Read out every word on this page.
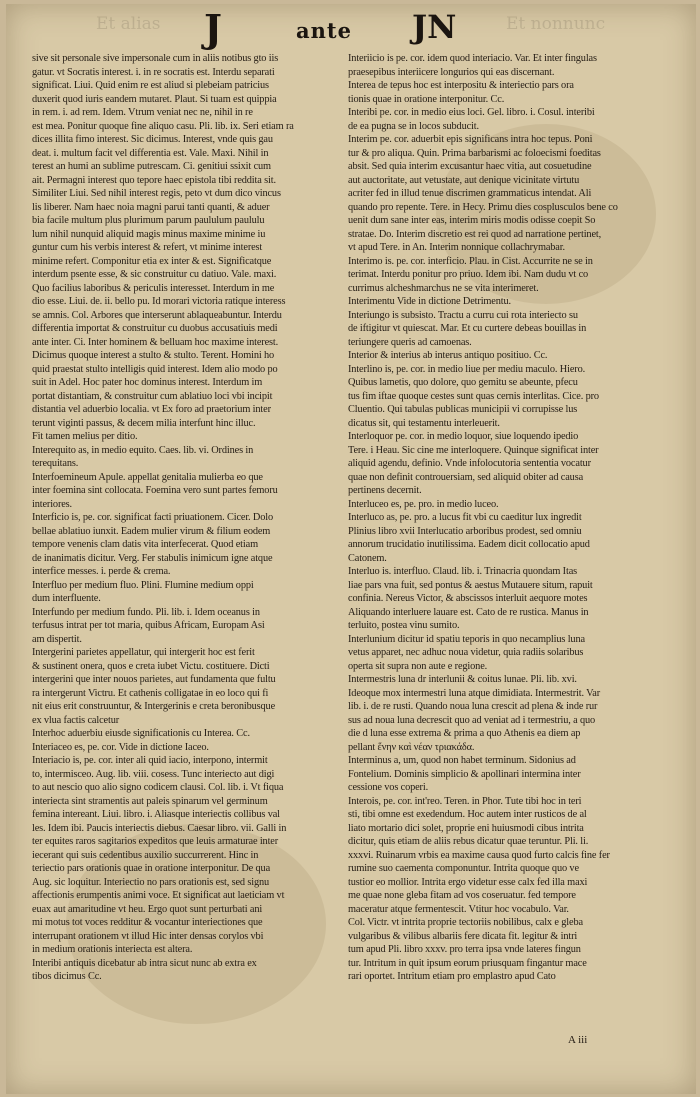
Et alias	Et nonnunc
J	ante JN
sive sit personale sive impersonale cum in aliis notibus gto iis
gatur. vt Socratis interest. i. in re socratis est. Interdu separati
significat. Liui. Quid enim re est aliud si plebeiam patricius
duxerit quod iuris eandem mutaret. Plaut. Si tuam est quippia
in rem. i. ad rem. Idem. Vtrum veniat nec ne, nihil in re
est mea. Ponitur quoque fine aliquo casu. Pli. lib. ix. Seri etiam ra
dices illita fimo interest. Sic dicimus. Interest, vnde quis gau
deat. i. multum facit vel differentia est. Vale. Maxi. Nihil in
terest an humi an sublime putrescam. Ci. genitiui ssixit cum
ait. Permagni interest quo tepore haec epistola tibi reddita sit.
Similiter Liui. Sed nihil interest regis, peto vt dum dico vincus
lis liberer. Nam haec noia magni parui tanti quanti, & aduer
bia facile multum plus plurimum parum paululum paululu
lum nihil nunquid aliquid magis minus maxime minime iu
guntur cum his verbis interest & refert, vt minime interest
minime refert. Componitur etia ex inter & est. Significatque
interdum psente esse, & sic construitur cu datiuo. Vale. maxi.
Quo facilius laboribus & periculis interesset. Interdum in me
dio esse. Liui. de. ii. bello pu. Id morari victoria ratique interess
se amnis. Col. Arbores que interserunt ablaqueabuntur. Interdu
differentia importat & construitur cu duobus accusatiuis medi
ante inter. Ci. Inter hominem & belluam hoc maxime interest.
Dicimus quoque interest a stulto & stulto. Terent. Homini ho
quid praestat stulto intelligis quid interest. Idem alio modo po
suit in Adel. Hoc pater hoc dominus interest. Interdum im
portat distantiam, & construitur cum ablatiuo loci vbi incipit
distantia vel aduerbio localia. vt Ex foro ad praetorium inter
terunt viginti passus, & decem milia interfunt hinc illuc.
Fit tamen melius per ditio.
Interequito as, in medio equito. Caes. lib. vi. Ordines in
terequitans.
Interfoemineum Apule. appellat genitalia mulierba eo que
inter foemina sint collocata. Foemina vero sunt partes femoru
interiores.
Interficio is, pe. cor. significat facti priuationem. Cicer. Dolo
bellae ablatiuo iunxit. Eadem mulier virum & filium eodem
tempore venenis clam datis vita interfecerat. Quod etiam
de inanimatis dicitur. Verg. Fer stabulis inimicum igne atque
interfice messes. i. perde & crema.
Interfluo per medium fluo. Plini. Flumine medium oppi
dum interfluente.
Interfundo per medium fundo. Pli. lib. i. Idem oceanus in
terfusus intrat per tot maria, quibus Africam, Europam Asi
am dispertit.
Intergerini parietes appellatur, qui intergerit hoc est ferit
& sustinent onera, quos e creta iubet Victu. costituere. Dicti
intergerini que inter nouos parietes, aut fundamenta que fultu
ra intergerunt Victru. Et cathenis colligatae in eo loco qui fi
nit eius erit construuntur, & Intergerinis e creta beronibusque
ex vlua factis calcetur
Interhoc aduerbiu eiusde significationis cu Interea. Cc.
Interiaceo es, pe. cor. Vide in dictione Iaceo.
Interiacio is, pe. cor. inter ali quid iacio, interpono, intermit
to, intermisceo. Aug. lib. viii. cosess. Tunc interiecto aut digi
to aut nescio quo alio signo codicem clausi. Col. lib. i. Vt fiqua
interiecta sint stramentis aut paleis spinarum vel germinum
femina intereant. Liui. libro. i. Aliasque interiectis collibus val
les. Idem ibi. Paucis interiectis diebus. Caesar libro. vii. Galli in
ter equites raros sagitarios expeditos que leuis armaturae inter
iecerant qui suis cedentibus auxilio succurrerent. Hinc in
teriectio pars orationis quae in oratione interponitur. De qua
Aug. sic loquitur. Interiectio no pars orationis est, sed signu
affectionis erumpentis animi voce. Et significat aut laeticiam vt
euax aut amaritudine vt heu. Ergo quot sunt perturbati ani
mi motus tot voces redditur & vocantur interiectiones que
interrupant orationem vt illud Hic inter densas corylos vbi
in medium orationis interiecta est altera.
Interibi antiquis dicebatur ab intra sicut nunc ab extra ex
tibos dicimus Cc.
Interiicio is pe. cor. idem quod interiacio. Var. Et inter fingulas
praesepibus interiicere longurios qui eas discernant.
Interea de tepus hoc est interpositu & interiectio pars ora
tionis quae in oratione interponitur. Cc.
Interibi pe. cor. in medio eius loci. Gel. libro. i. Cosul. interibi
de ea pugna se in locos subducit.
Interim pe. cor. aduerbit epis significans intra hoc tepus. Poni
tur & pro aliqua. Quin. Prima barbarismi ac foloecismi foeditas
absit. Sed quia interim excusantur haec vitia, aut cosuetudine
aut auctoritate, aut vetustate, aut denique vicinitate virtutu
acriter fed in illud tenue discrimen grammaticus intendat. Ali
quando pro repente. Tere. in Hecy. Primu dies cosplusculos bene co
uenit dum sane inter eas, interim miris modis odisse coepit So
stratae. Do. Interim discretio est rei quod ad narratione pertinet,
vt apud Tere. in An. Interim nonnique collachrymabar.
Interimo is. pe. cor. interficio. Plau. in Cist. Accurrite ne se in
terimat. Interdu ponitur pro priuo. Idem ibi. Nam dudu vt co
currimus alcheshmarchus ne se vita interimeret.
Interimentu Vide in dictione Detrimentu.
Interiungo is subsisto. Tractu a curru cui rota interiecto su
de iftigitur vt quiescat. Mar. Et cu curtere debeas bouillas in
teriungere queris ad camoenas.
Interior & interius ab interus antiquo positiuo. Cc.
Interlino is, pe. cor. in medio liue per mediu maculo. Hiero.
Quibus lametis, quo dolore, quo gemitu se abeunte, pfecu
tus fim iftae quoque cestes sunt quas cernis interlitas. Cice. pro
Cluentio. Qui tabulas publicas municipii vi corrupisse lus
dicatus sit, qui testamentu interleuerit.
Interloquor pe. cor. in medio loquor, siue loquendo ipedio
Tere. i Heau. Sic cine me interloquere. Quinque significat inter
aliquid agendu, definio. Vnde infolocutoria sententia vocatur
quae non definit controuersiam, sed aliquid obiter ad causa
pertinens decernit.
Interluceo es, pe. pro. in medio luceo.
Interluco as, pe. pro. a lucus fit vbi cu caeditur lux ingredit
Plinius libro xvii Interlucatio arboribus prodest, sed omniu
annorum trucidatio inutilissima. Eadem dicit collocatio apud
Catonem.
Interluo is. interfluo. Claud. lib. i. Trinacria quondam Itas
liae pars vna fuit, sed pontus & aestus Mutauere situm, rapuit
confinia. Nereus Victor, & abscissos interluit aequore motes
Aliquando interluere lauare est. Cato de re rustica. Manus in
terluito, postea vinu sumito.
Interlunium dicitur id spatiu teporis in quo necamplius luna
vetus apparet, nec adhuc noua videtur, quia radiis solaribus
operta sit supra non aute e regione.
Intermestris luna dr interlunii & coitus lunae. Pli. lib. xvi.
Ideoque mox intermestri luna atque dimidiata. Intermestrit. Var
lib. i. de re rusti. Quando noua luna crescit ad plena & inde rur
sus ad noua luna decrescit quo ad veniat ad i termestriu, a quo
die d luna esse extrema & prima a quo Athenis ea diem ap
pellant ἕνην καὶ νέαν τριακάδα.
Interminus a, um, quod non habet terminum. Sidonius ad
Fontelium. Dominis simplicio & apollinari intermina inter
cessione vos coperi.
Interois, pe. cor. int'reo. Teren. in Phor. Tute tibi hoc in teri
sti, tibi omne est exedendum. Hoc autem inter rusticos de al
liato mortario dici solet, proprie eni huiusmodi cibus intrita
dicitur, quis etiam de aliis rebus dicatur quae teruntur. Pli. li.
xxxvi. Ruinarum vrbis ea maxime causa quod furto calcis fine fer
rumine suo caementa componuntur. Intrita quoque quo ve
tustior eo mollior. Intrita ergo videtur esse calx fed illa maxi
me quae none gleba fitam ad vos coseruatur. fed tempore
maceratur atque fermentescit. Vtitur hoc vocabulo. Var.
Col. Victr. vt intrita proprie tectoriis nobilibus, calx e gleba
vulgaribus & vilibus albariis fere dicata fit. legitur & intri
tum apud Pli. libro xxxv. pro terra ipsa vnde lateres fingun
tur. Intritum in quit ipsum eorum priusquam fingantur mace
rari oportet. Intritum etiam pro emplastro apud Cato
A iii
